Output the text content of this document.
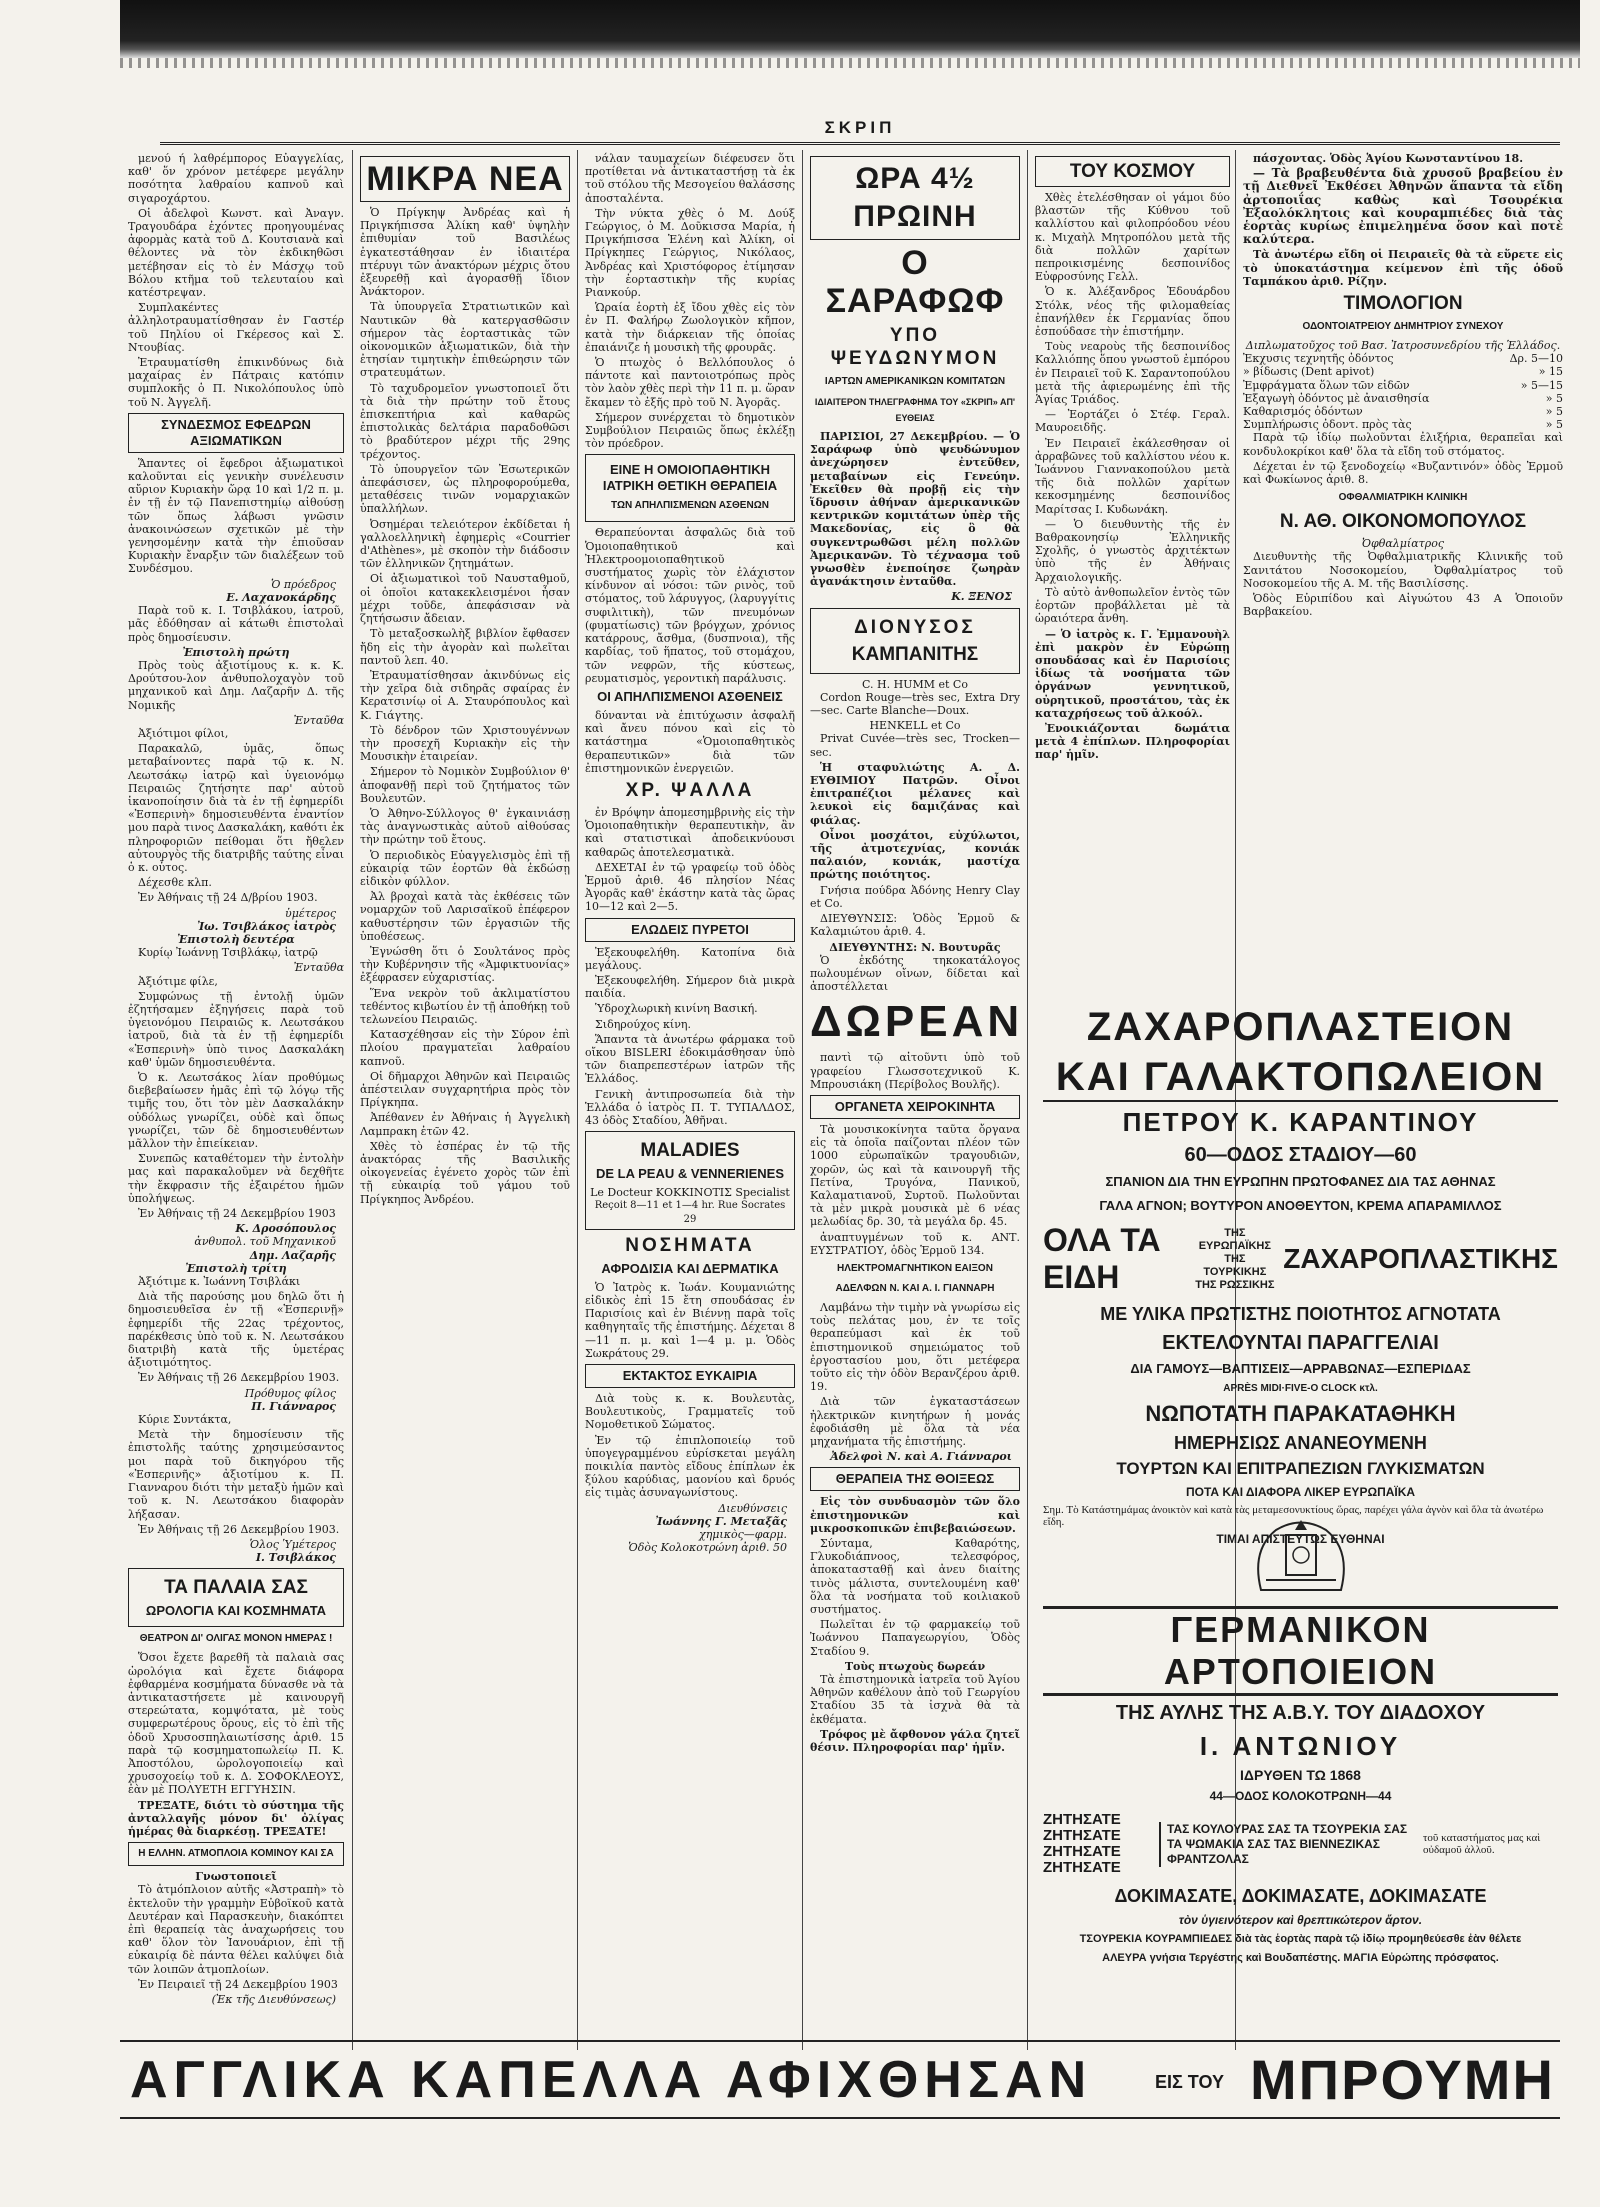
ΣΚΡΙΠ

μενού ή λαθρέμπορος Εὐαγγελίας, καθ' ὅν χρόνον μετέφερε μεγάλην ποσότητα λαθραίου καπνοῦ καὶ σιγαροχάρτου.

Οἱ ἀδελφοὶ Κωνστ. καὶ Ἀναγν. Τραγουδάρα ἐχόντες προηγουμένας ἀφορμὰς κατὰ τοῦ Δ. Κουτσιανὰ καὶ θέλοντες νὰ τὸν ἐκδικηθῶσι μετέβησαν εἰς τὸ ἐν Μάσχῳ τοῦ Βόλου κτῆμα τοῦ τελευταίου καὶ κατέστρεψαν.

Συμπλακέντες ἀλληλοτραυματίσθησαν ἐν Γαστέρ τοῦ Πηλίου οἱ Γκέρεσος καὶ Σ. Ντουβίας.

Ἐτραυματίσθη ἐπικινδύνως διὰ μαχαίρας ἐν Πάτραις κατόπιν συμπλοκῆς ὁ Π. Νικολόπουλος ὑπὸ τοῦ Ν. Ἀγγελῆ.

ΣΥΝΔΕΣΜΟΣ ΕΦΕΔΡΩΝ ΑΞΙΩΜΑΤΙΚΩΝ

Ἅπαντες οἱ ἔφεδροι ἀξιωματικοὶ καλοῦνται εἰς γενικὴν συνέλευσιν αὔριον Κυριακὴν ὥρᾳ 10 καὶ 1/2 π. μ. ἐν τῇ ἐν τῷ Πανεπιστημίῳ αἰθούσῃ τῶν ὅπως λάβωσι γνῶσιν ἀνακοινώσεων σχετικῶν μὲ τὴν γενησομένην κατὰ τὴν ἐπιοῦσαν Κυριακὴν ἔναρξιν τῶν διαλέξεων τοῦ Συνδέσμου.

Ὁ πρόεδρος
Ε. Λαχανοκάρδης

Παρὰ τοῦ κ. Ι. Τσιβλάκου, ἰατροῦ, μᾶς ἐδόθησαν αἱ κάτωθι ἐπιστολαὶ πρὸς δημοσίευσιν.

Ἐπιστολὴ πρώτη

Πρὸς τοὺς ἀξιοτίμους κ. κ. Κ. Δρούτσου-λον ἀνθυπολοχαγὸν τοῦ μηχανικοῦ καὶ Δημ. Λαζαρῆν Δ. τῆς Νομικῆς

Ἐνταῦθα

Ἀξιότιμοι φίλοι,

Παρακαλῶ, ὑμᾶς, ὅπως μεταβαίνοντες παρὰ τῷ κ. Ν. Λεωτσάκῳ ἰατρῷ καὶ ὑγειονόμῳ Πειραιῶς ζητήσητε παρ' αὐτοῦ ἱκανοποίησιν διὰ τὰ ἐν τῇ ἐφημερίδι «Ἑσπερινὴ» δημοσιευθέντα ἐναντίον μου παρὰ τινος Δασκαλάκη, καθότι ἐκ πληροφοριῶν πείθομαι ὅτι ἤθελεν αὐτουργὸς τῆς διατριβῆς ταύτης εἶναι ὁ κ. οὗτος.

Δέχεσθε κλπ.

Ἐν Ἀθήναις τῇ 24 Δ/βρίου 1903.

ὑμέτερος
Ἰω. Τσιβλάκος ἰατρὸς
Ἐπιστολὴ δευτέρα

Κυρίῳ Ἰωάννῃ Τσιβλάκῳ, ἰατρῷ

Ἐνταῦθα

Ἀξιότιμε φίλε,

Συμφώνως τῇ ἐντολῇ ὑμῶν ἐζητήσαμεν ἐξηγήσεις παρὰ τοῦ ὑγειονόμου Πειραιῶς κ. Λεωτσάκου ἰατροῦ, διὰ τὰ ἐν τῇ ἐφημερίδι «Ἑσπερινὴ» ὑπὸ τινος Δασκαλάκη καθ' ὑμῶν δημοσιευθέντα.

Ὁ κ. Λεωτσάκος λίαν προθύμως διεβεβαίωσεν ἡμᾶς ἐπὶ τῷ λόγῳ τῆς τιμῆς του, ὅτι τὸν μὲν Δασκαλάκην οὐδόλως γνωρίζει, οὐδὲ καὶ ὅπως γνωρίζει, τῶν δὲ δημοσιευθέντων μᾶλλον τὴν ἐπιείκειαν.

Συνεπῶς καταθέτομεν τὴν ἐντολὴν μας καὶ παρακαλοῦμεν νὰ δεχθῆτε τὴν ἔκφρασιν τῆς ἐξαιρέτου ἡμῶν ὑπολήψεως.

Ἐν Ἀθήναις τῇ 24 Δεκεμβρίου 1903

Κ. Δροσόπουλος
ἀνθυπολ. τοῦ Μηχανικοῦ
Δημ. Λαζαρῆς
Ἐπιστολὴ τρίτη

Ἀξιότιμε κ. Ἰωάννη Τσιβλάκι

Διὰ τῆς παρούσης μου δηλῶ ὅτι ἡ δημοσιευθεῖσα ἐν τῇ «Ἑσπερινῇ» ἐφημερίδι τῆς 22ας τρέχοντος, παρέκθεσις ὑπὸ τοῦ κ. Ν. Λεωτσάκου διατριβὴ κατὰ τῆς ὑμετέρας ἀξιοτιμότητος.

Ἐν Ἀθήναις τῇ 26 Δεκεμβρίου 1903.

Πρόθυμος φίλος
Π. Γιάνναρος

Κύριε Συντάκτα,

Μετὰ τὴν δημοσίευσιν τῆς ἐπιστολῆς ταύτης χρησιμεύσαντος μοι παρὰ τοῦ δικηγόρου τῆς «Ἑσπερινῆς» ἀξιοτίμου κ. Π. Γιανναρου διότι τὴν μεταξὺ ἡμῶν καὶ τοῦ κ. Ν. Λεωτσάκου διαφορὰν λήξασαν.

Ἐν Ἀθήναις τῇ 26 Δεκεμβρίου 1903.

Ὁλος Ὑμέτερος
Ι. Τσιβλάκος
ΤΑ ΠΑΛΑΙΑ ΣΑΣ
ΩΡΟΛΟΓΙΑ ΚΑΙ ΚΟΣΜΗΜΑΤΑ
ΘΕΑΤΡΟΝ ΔΙ' ΟΛΙΓΑΣ ΜΟΝΟΝ ΗΜΕΡΑΣ !

Ὅσοι ἔχετε βαρεθῆ τὰ παλαιὰ σας ὡρολόγια καὶ ἔχετε διάφορα ἐφθαρμένα κοσμήματα δύνασθε νὰ τὰ ἀντικαταστήσετε μὲ καινουργῆ στερεώτατα, κομψότατα, μὲ τοὺς συμφερωτέρους ὅρους, εἰς τὸ ἐπὶ τῆς ὁδοῦ Χρυσοσπηλαιωτίσσης ἀριθ. 15 παρὰ τῷ κοσμηματοπωλείῳ Π. Κ. Ἀποστόλου, ὡρολογοποιείῳ καὶ χρυσοχοείῳ τοῦ κ. Δ. ΣΟΦΟΚΛΕΟΥΣ, ἐὰν μὲ ΠΟΛΥΕΤΗ ΕΓΓΥΗΣΙΝ.

ΤΡΕΞΑΤΕ, διότι τὸ σύστημα τῆς ἀνταλλαγῆς μόνον δι' ὀλίγας ἡμέρας θὰ διαρκέσῃ. ΤΡΕΞΑΤΕ!

Η ΕΛΛΗΝ. ΑΤΜΟΠΛΟΙΑ ΚΟΜΙΝΟΥ ΚΑΙ ΣΑ
Γνωστοποιεῖ

Τὸ ἀτμόπλοιον αὐτῆς «Ἀστραπὴ» τὸ ἐκτελοῦν τὴν γραμμὴν Εὐβοϊκοῦ κατὰ Δευτέραν καὶ Παρασκευὴν, διακόπτει ἐπὶ θεραπείᾳ τὰς ἀναχωρήσεις του καθ' ὅλον τὸν Ἰανουάριον, ἐπὶ τῇ εὐκαιρίᾳ δὲ πάντα θέλει καλύψει διὰ τῶν λοιπῶν ἀτμοπλοίων.

Ἐν Πειραιεῖ τῇ 24 Δεκεμβρίου 1903

(Ἐκ τῆς Διευθύνσεως)
ΜΙΚΡΑ ΝΕΑ

Ὁ Πρίγκηψ Ἀνδρέας καὶ ἡ Πριγκήπισσα Ἀλίκη καθ' ὑψηλὴν ἐπιθυμίαν τοῦ Βασιλέως ἐγκατεστάθησαν ἐν ἰδιαιτέρα πτέρυγι τῶν ἀνακτόρων μέχρις ὅτου ἐξευρεθῇ καὶ ἀγορασθῇ ἴδιον Ἀνάκτορον.

Τὰ ὑπουργεῖα Στρατιωτικῶν καὶ Ναυτικῶν θὰ κατεργασθῶσιν σήμερον τὰς ἑορταστικὰς τῶν οἰκονομικῶν ἀξιωματικῶν, διὰ τὴν ἐτησίαν τιμητικὴν ἐπιθεώρησιν τῶν στρατευμάτων.

Τὸ ταχυδρομεῖον γνωστοποιεῖ ὅτι τὰ διὰ τὴν πρώτην τοῦ ἔτους ἐπισκεπτήρια καὶ καθαρῶς ἐπιστολικὰς δελτάρια παραδοθῶσι τὸ βραδύτερον μέχρι τῆς 29ης τρέχοντος.

Τὸ ὑπουργεῖον τῶν Ἐσωτερικῶν ἀπεφάσισεν, ὡς πληροφορούμεθα, μεταθέσεις τινῶν νομαρχιακῶν ὑπαλλήλων.

Ὀσημέραι τελειότερον ἐκδίδεται ἡ γαλλοελληνικὴ ἐφημερὶς «Courrier d'Athènes», μὲ σκοπὸν τὴν διάδοσιν τῶν ἑλληνικῶν ζητημάτων.

Οἱ ἀξιωματικοὶ τοῦ Ναυσταθμοῦ, οἱ ὁποῖοι κατακεκλεισμένοι ἦσαν μέχρι τοῦδε, ἀπεφάσισαν νὰ ζητήσωσιν ἄδειαν.

Τὸ μεταξοσκωλὴξ βιβλίον ἔφθασεν ἤδη εἰς τὴν ἀγορὰν καὶ πωλεῖται παντοῦ λεπ. 40.

Ἐτραυματίσθησαν ἀκινδύνως εἰς τὴν χεῖρα διὰ σιδηρᾶς σφαίρας ἐν Κερατσινίῳ οἱ Α. Σταυρόπουλος καὶ Κ. Γιάγτης.

Τὸ δένδρον τῶν Χριστουγέννων τὴν προσεχῆ Κυριακὴν εἰς τὴν Μουσικὴν ἑταιρείαν.

Σήμερον τὸ Νομικὸν Συμβούλιον θ' ἀποφανθῇ περὶ τοῦ ζητήματος τῶν Βουλευτῶν.

Ὁ Ἀθηνο-Σύλλογος θ' ἐγκαινιάσῃ τὰς ἀναγνωστικὰς αὐτοῦ αἰθούσας τὴν πρώτην τοῦ ἔτους.

Ὁ περιοδικὸς Εὐαγγελισμὸς ἐπὶ τῇ εὐκαιρίᾳ τῶν ἑορτῶν θὰ ἐκδώσῃ εἰδικὸν φύλλον.

Ἀλ βροχαὶ κατὰ τὰς ἐκθέσεις τῶν νομαρχῶν τοῦ Λαρισαϊκοῦ ἐπέφερον καθυστέρησιν τῶν ἐργασιῶν τῆς ὑποθέσεως.

Ἐγνώσθη ὅτι ὁ Σουλτάνος πρὸς τὴν Κυβέρνησιν τῆς «Ἀμφικτυονίας» ἐξέφρασεν εὐχαριστίας.

Ἕνα νεκρὸν τοῦ ἀκλιματίστου τεθέντος κιβωτίου ἐν τῇ ἀποθήκῃ τοῦ τελωνείου Πειραιῶς.

Κατασχέθησαν εἰς τὴν Σύρον ἐπὶ πλοίου πραγματεῖαι λαθραίου καπνοῦ.

Οἱ δῆμαρχοι Ἀθηνῶν καὶ Πειραιῶς ἀπέστειλαν συγχαρητήρια πρὸς τὸν Πρίγκηπα.

Ἀπέθανεν ἐν Ἀθήναις ἡ Ἀγγελικὴ Λαμπρακη ἐτῶν 42.

Χθὲς τὸ ἑσπέρας ἐν τῷ τῆς ἀνακτόρας τῆς Βασιλικῆς οἰκογενείας ἐγένετο χορὸς τῶν ἐπὶ τῇ εὐκαιρίᾳ τοῦ γάμου τοῦ Πρίγκηπος Ἀνδρέου.

νάλαν ταυμαχείων διέφευσεν ὅτι προτίθεται νὰ ἀντικαταστήσῃ τὰ ἐκ τοῦ στόλου τῆς Μεσογείου θαλάσσης ἀποσταλέντα.

Τὴν νύκτα χθὲς ὁ Μ. Δούξ Γεώργιος, ὁ Μ. Δοῦκισσα Μαρία, ἡ Πριγκήπισσα Ἑλένη καὶ Ἀλίκη, οἱ Πρίγκηπες Γεώργιος, Νικόλαος, Ἀνδρέας καὶ Χριστόφορος ἐτίμησαν τὴν ἑορταστικὴν τῆς κυρίας Ριανκούρ.

Ὡραία ἑορτὴ ἐξ ἴδου χθὲς εἰς τὸν ἐν Π. Φαλήρῳ Ζωολογικὸν κῆπον, κατὰ τὴν διάρκειαν τῆς ὁποίας ἐπαιάνιζε ἡ μουσικὴ τῆς φρουρᾶς.

Ὁ πτωχὸς ὁ Βελλόπουλος ὁ πάντοτε καὶ παντοιοτρόπως πρὸς τὸν λαὸν χθὲς περὶ τὴν 11 π. μ. ὥραν ἔκαμεν τὸ ἐξῆς πρὸ τοῦ Ν. Ἀγορᾶς.

Σήμερον συνέρχεται τὸ δημοτικὸν Συμβούλιον Πειραιῶς ὅπως ἐκλέξῃ τὸν πρόεδρον.

ΕΙΝΕ Η ΟΜΟΙΟΠΑΘΗΤΙΚΗ ΙΑΤΡΙΚΗ ΘΕΤΙΚΗ ΘΕΡΑΠΕΙΑ
ΤΩΝ ΑΠΗΛΠΙΣΜΕΝΩΝ ΑΣΘΕΝΩΝ

Θεραπεύονται ἀσφαλῶς διὰ τοῦ Ὁμοιοπαθητικοῦ καὶ Ἠλεκτροομοιοπαθητικοῦ συστήματος χωρὶς τὸν ἐλάχιστον κίνδυνον αἱ νόσοι: τῶν ρινὸς, τοῦ στόματος, τοῦ λάρυγγος, (λαρυγγίτις συφιλιτικὴ), τῶν πνευμόνων (φυματίωσις) τῶν βρόγχων, χρόνιος κατάρρους, ἄσθμα, (δυσπνοια), τῆς καρδίας, τοῦ ἥπατος, τοῦ στομάχου, τῶν νεφρῶν, τῆς κύστεως, ρευματισμὸς, γεροντικὴ παράλυσις.

ΟΙ ΑΠΗΛΠΙΣΜΕΝΟΙ ΑΣΘΕΝΕΙΣ

δύνανται νὰ ἐπιτύχωσιν ἀσφαλῆ καὶ ἄνευ πόνου καὶ εἰς τὸ κατάστημα «Ὁμοιοπαθητικὸς θεραπευτικῶν» διὰ τῶν ἐπιστημονικῶν ἐνεργειῶν.

ΧΡ. ΨΑΛΛΑ

ἐν Βρόψην ἀπομεσημβρινὴς εἰς τὴν Ὁμοιοπαθητικὴν θεραπευτικὴν, ἂν καὶ στατιστικαὶ ἀποδεικνύουσι καθαρῶς ἀποτελεσματικὰ.

ΔΕΧΕΤΑΙ ἐν τῷ γραφείῳ τοῦ ὁδὸς Ἑρμοῦ ἀριθ. 46 πλησίον Νέας Ἀγορᾶς καθ' ἑκάστην κατὰ τὰς ὥρας 10—12 καὶ 2—5.

ΕΛΩΔΕΙΣ ΠΥΡΕΤΟΙ

Ἐξεκουφελήθη. Κατοπίνα διὰ μεγάλους.

Ἐξεκουφελήθη. Σήμερον διὰ μικρὰ παιδία.

Ὑδροχλωρικὴ κινίνη Βασική.

Σιδηρούχος κίνη.

Ἅπαντα τὰ ἀνωτέρω φάρμακα τοῦ οἴκου BISLERI ἐδοκιμάσθησαν ὑπὸ τῶν διαπρεπεστέρων ἰατρῶν τῆς Ἑλλάδος.

Γενικὴ ἀντιπροσωπεία διὰ τὴν Ἑλλάδα ὁ ἰατρὸς Π. Τ. ΤΥΠΑΛΔΟΣ, 43 ὁδὸς Σταδίου, Ἀθῆναι.

MALADIES
DE LA PEAU & VENNERIENES
Le Docteur ΚΟΚΚΙΝΟΤΙΣ Specialist
Reçoit 8—11 et 1—4 hr. Rue Socrates 29
ΝΟΣΗΜΑΤΑ
ΑΦΡΟΔΙΣΙΑ ΚΑΙ ΔΕΡΜΑΤΙΚΑ

Ὁ Ἰατρὸς κ. Ἰωάν. Κουμανιώτης εἰδικὸς ἐπὶ 15 ἔτη σπουδάσας ἐν Παρισίοις καὶ ἐν Βιέννῃ παρὰ τοῖς καθηγηταῖς τῆς ἐπιστήμης. Δέχεται 8—11 π. μ. καὶ 1—4 μ. μ. Ὁδὸς Σωκράτους 29.

ΕΚΤΑΚΤΟΣ ΕΥΚΑΙΡΙΑ

Διὰ τοὺς κ. κ. Βουλευτὰς, Βουλευτικοὺς, Γραμματεῖς τοῦ Νομοθετικοῦ Σώματος.

Ἐν τῷ ἐπιπλοποιείῳ τοῦ ὑπογεγραμμένου εὑρίσκεται μεγάλη ποικιλία παντὸς εἴδους ἐπίπλων ἐκ ξύλου καρύδιας, μαονίου καὶ δρυός εἰς τιμὰς ἀσυναγωνίστους.

Διευθύνσεις
Ἰωάννης Γ. Μεταξᾶς
χημικὸς—φαρμ.
Ὁδὸς Κολοκοτρώνη ἀριθ. 50
ΩΡΑ 4½ ΠΡΩΙΝΗ
Ο ΣΑΡΑΦΩΦ
ΥΠΟ ΨΕΥΔΩΝΥΜΟΝ
ΙΑΡΤΩΝ ΑΜΕΡΙΚΑΝΙΚΩΝ ΚΟΜΙΤΑΤΩΝ
ΙΔΙΑΙΤΕΡΟΝ ΤΗΛΕΓΡΑΦΗΜΑ ΤΟΥ «ΣΚΡΙΠ» ΑΠ' ΕΥΘΕΙΑΣ

ΠΑΡΙΣΙΟΙ, 27 Δεκεμβρίου. — Ὁ Σαράφωφ ὑπὸ ψευδώνυμον ἀνεχώρησεν ἐντεῦθεν, μεταβαίνων εἰς Γενεύην. Ἐκεῖθεν θὰ προβῇ εἰς τὴν ἵδρυσιν ἀθήναν ἀμερικανικῶν κεντρικῶν κομιτάτων ὑπὲρ τῆς Μακεδονίας, εἰς ὃ θὰ συγκεντρωθῶσι μέλη πολλῶν Ἀμερικανῶν. Τὸ τέχνασμα τοῦ γνωσθὲν ἐνεποίησε ζωηρὰν ἀγανάκτησιν ἐνταῦθα.

Κ. ΞΕΝΟΣ
ΔΙΟΝΥΣΟΣ
ΚΑΜΠΑΝΙΤΗΣ
C. H. HUMM et Co

Cordon Rouge—très sec, Extra Dry—sec. Carte Blanche—Doux.

HENKELL et Co

Privat Cuvée—très sec, Trocken—sec.

Ἡ σταφυλιώτης Α. Δ. ΕΥΘΙΜΙΟΥ Πατρῶν. Οἶνοι ἐπιτραπέζιοι μέλανες καὶ λευκοὶ εἰς δαμιζάνας καὶ φιάλας.

Οἶνοι μοσχάτοι, εὐχύλωτοι, τῆς ἀτμοτεχνίας, κονιάκ παλαιόν, κονιάκ, μαστίχα πρώτης ποιότητος.

Γνήσια πούδρα Ἀδόνης Henry Clay et Co.

ΔΙΕΥΘΥΝΣΙΣ: Ὁδὸς Ἑρμοῦ & Καλαμιώτου ἀριθ. 4.

ΔΙΕΥΘΥΝΤΗΣ: Ν. Βουτυρᾶς

Ὁ ἐκδότης τηκοκατάλογος πωλουμένων οἴνων, δίδεται καὶ ἀποστέλλεται

ΔΩΡΕΑΝ

παντὶ τῷ αἰτοῦντι ὑπὸ τοῦ γραφείου Γλωσσοτεχνικοῦ Κ. Μπρουσιάκη (Περίβολος Βουλῆς).

ΟΡΓΑΝΕΤΑ ΧΕΙΡΟΚΙΝΗΤΑ

Τὰ μουσικοκίνητα ταῦτα ὄργανα εἰς τὰ ὁποῖα παίζονται πλέον τῶν 1000 εὐρωπαϊκῶν τραγουδιῶν, χορῶν, ὡς καὶ τὰ καινουργῆ τῆς Πετίνα, Τρυγόνα, Πανικοῦ, Καλαματιανοῦ, Συρτοῦ. Πωλοῦνται τὰ μὲν μικρὰ μουσικὰ μὲ 6 νέας μελωδίας δρ. 30, τὰ μεγάλα δρ. 45.

ἀναπτυγμένων τοῦ κ. ΑΝΤ. ΕΥΣΤΡΑΤΙΟΥ, ὁδὸς Ἑρμοῦ 134.

ΗΛΕΚΤΡΟΜΑΓΝΗΤΙΚΟΝ ΕΑΙΞΟΝ
ΑΔΕΛΦΩΝ Ν. ΚΑΙ Α. Ι. ΓΙΑΝΝΑΡΗ

Λαμβάνω τὴν τιμὴν νὰ γνωρίσω εἰς τοὺς πελάτας μου, ἐν τε τοῖς θεραπεύμασι καὶ ἐκ τοῦ ἐπιστημονικοῦ σημειώματος τοῦ ἐργοστασίου μου, ὅτι μετέφερα τοῦτο εἰς τὴν ὁδὸν Βερανζέρου ἀριθ. 19.

Διὰ τῶν ἐγκαταστάσεων ἠλεκτρικῶν κινητήρων ἡ μονάς ἐφοδιάσθη μὲ ὅλα τὰ νέα μηχανήματα τῆς ἐπιστήμης.

Ἀδελφοὶ Ν. καὶ Α. Γιάνναροι
ΘΕΡΑΠΕΙΑ ΤΗΣ ΘΟΙΞΕΩΣ

Εἰς τὸν συνδυασμὸν τῶν ὅλο ἐπιστημονικῶν καὶ μικροσκοπικῶν ἐπιβεβαιώσεων.

Σύνταμα, Καθαρότης, Γλυκοδιάπνοος, τελεσφόρος, ἀποκατασταθῇ καὶ ἀνευ διαίτης τινὸς μάλιστα, συντελουμένη καθ' ὅλα τὰ νοσήματα τοῦ κοιλιακοῦ συστήματος.

Πωλεῖται ἐν τῷ φαρμακείῳ τοῦ Ἰωάννου Παπαγεωργίου, Ὁδὸς Σταδίου 9.

Τοὺς πτωχοὺς δωρεάν

Τὰ ἐπιστημονικὰ ἰατρεῖα τοῦ Ἀγίου Ἀθηνῶν καθέλουν ἀπὸ τοῦ Γεωργίου Σταδίου 35 τὰ ἰσχνὰ θὰ τὰ ἐκθέματα.

Τρόφος μὲ ἄφθονον γάλα ζητεῖ θέσιν. Πληροφορίαι παρ' ἡμῖν.

ΤΟΥ ΚΟΣΜΟΥ

Χθὲς ἐτελέσθησαν οἱ γάμοι δύο βλαστῶν τῆς Κύθνου τοῦ καλλίστου καὶ φιλοπρόοδου νέου κ. Μιχαὴλ Μητροπόλου μετὰ τῆς διὰ πολλῶν χαρίτων πεπροικισμένης δεσποινίδος Εὐφροσύνης Γελλ.

Ὁ κ. Ἀλέξανδρος Ἑδουάρδου Στόλκ, νέος τῆς φιλομαθείας ἐπανήλθεν ἐκ Γερμανίας ὅπου ἐσπούδασε τὴν ἐπιστήμην.

Τοὺς νεαροὺς τῆς δεσποινίδος Καλλιόπης ὅπου γνωστοῦ ἐμπόρου ἐν Πειραιεῖ τοῦ Κ. Σαραντοπούλου μετὰ τῆς ἀφιερωμένης ἐπὶ τῆς Ἁγίας Τριάδος.

— Ἐορτάζει ὁ Στέφ. Γεραλ. Μαυροειδῆς.

Ἐν Πειραιεῖ ἐκάλεσθησαν οἱ ἀρραβῶνες τοῦ καλλίστου νέου κ. Ἰωάννου Γιαννακοπούλου μετὰ τῆς διὰ πολλῶν χαρίτων κεκοσμημένης δεσποινίδος Μαρίτσας Ι. Κυδωνάκη.

— Ὁ διευθυντὴς τῆς ἐν Βαθρακονησίῳ Ἐλληνικῆς Σχολῆς, ὁ γνωστὸς ἀρχιτέκτων ὑπὸ τῆς ἐν Ἀθήναις Ἀρχαιολογικῆς.

Τὸ αὐτὸ ἀνθοπωλεῖον ἐντὸς τῶν ἑορτῶν προβάλλεται μὲ τὰ ὡραιότερα ἄνθη.

— Ὁ ἰατρὸς κ. Γ. Ἐμμανουὴλ ἐπὶ μακρὸν ἐν Εὐρώπῃ σπουδάσας καὶ ἐν Παρισίοις ἰδίως τὰ νοσήματα τῶν ὀργάνων γεννητικοῦ, οὐρητικοῦ, προστάτου, τὰς ἐκ καταχρήσεως τοῦ ἀλκοόλ.

Ἐνοικιάζονται δωμάτια μετὰ 4 ἐπίπλων. Πληροφορίαι παρ' ἡμῖν.

πάσχοντας. Ὁδὸς Ἁγίου Κωνσταντίνου 18.

— Τὰ βραβευθέντα διὰ χρυσοῦ βραβείου ἐν τῇ Διεθνεῖ Ἐκθέσει Ἀθηνῶν ἅπαντα τὰ εἴδη ἀρτοποιΐας καθὼς καὶ Τσουρέκια Ἐξαολόκλητοις καὶ κουραμπιέδες διὰ τὰς ἑορτὰς κυρίως ἐπιμελημένα ὅσον καὶ ποτὲ καλύτερα.

Τὰ ἀνωτέρω εἴδη οἱ Πειραιεῖς θὰ τὰ εὕρετε εἰς τὸ ὑποκατάστημα κείμενον ἐπὶ τῆς ὁδοῦ Ταμπάκου ἀριθ. Ρίζην.

ΤΙΜΟΛΟΓΙΟΝ
ΟΔΟΝΤΟΙΑΤΡΕΙΟΥ ΔΗΜΗΤΡΙΟΥ ΣΥΝΕΧΟΥ
Διπλωματοῦχος τοῦ Βασ. Ἰατροσυνεδρίου τῆς Ἑλλάδος.
Ἐκχυσις τεχνητῆς ὀδόντος	Δρ. 5—10
» βίδωσις (Dent apivot)	» 15
Ἐμφράγματα ὅλων τῶν εἰδῶν	» 5—15
Ἐξαγωγὴ ὀδόντος μὲ ἀναισθησία	» 5
Καθαρισμός ὀδόντων	» 5
Συμπλήρωσις ὀδοντ. πρὸς τὰς	» 5

Παρὰ τῷ ἰδίῳ πωλοῦνται ἐλιξήρια, θεραπεῖαι καὶ κονδυλοκρίκοι καθ' ὅλα τὰ εἴδη τοῦ στόματος.

Δέχεται ἐν τῷ ξενοδοχείῳ «Βυζαντινόν» ὁδὸς Ἑρμοῦ καὶ Φωκίωνος ἀριθ. 8.

ΟΦΘΑΛΜΙΑΤΡΙΚΗ ΚΛΙΝΙΚΗ
Ν. ΑΘ. ΟΙΚΟΝΟΜΟΠΟΥΛΟΣ
Ὀφθαλμίατρος

Διευθυντὴς τῆς Ὀφθαλμιατρικῆς Κλινικῆς τοῦ Σανιτάτου Νοσοκομείου, Ὀφθαλμίατρος τοῦ Νοσοκομείου τῆς Α. Μ. τῆς Βασιλίσσης.

Ὁδὸς Εὐριπίδου καὶ Αἰγυώτου 43 Α Ὁποιοῦν Βαρβακείου.

ΖΑΧΑΡΟΠΛΑΣΤΕΙΟΝ
ΚΑΙ ΓΑΛΑΚΤΟΠΩΛΕΙΟΝ
ΠΕΤΡΟΥ Κ. ΚΑΡΑΝΤΙΝΟΥ
60—ΟΔΟΣ ΣΤΑΔΙΟΥ—60
ΣΠΑΝΙΟΝ ΔΙΑ ΤΗΝ ΕΥΡΩΠΗΝ ΠΡΩΤΟΦΑΝΕΣ ΔΙΑ ΤΑΣ ΑΘΗΝΑΣ
ΓΑΛΑ ΑΓΝΟΝ; ΒΟΥΤΥΡΟΝ ΑΝΟΘΕΥΤΟΝ, ΚΡΕΜΑ ΑΠΑΡΑΜΙΛΛΟΣ
ΟΛΑ ΤΑ ΕΙΔΗ
ΤΗΣ ΕΥΡΩΠΑΪΚΗΣ ΤΗΣ ΤΟΥΡΚΙΚΗΣ ΤΗΣ ΡΩΣΣΙΚΗΣ
ΖΑΧΑΡΟΠΛΑΣΤΙΚΗΣ
ΜΕ ΥΛΙΚΑ ΠΡΩΤΙΣΤΗΣ ΠΟΙΟΤΗΤΟΣ ΑΓΝΟΤΑΤΑ
ΕΚΤΕΛΟΥΝΤΑΙ ΠΑΡΑΓΓΕΛΙΑΙ
ΔΙΑ ΓΑΜΟΥΣ—ΒΑΠΤΙΣΕΙΣ—ΑΡΡΑΒΩΝΑΣ—ΕΣΠΕΡΙΔΑΣ
APRÈS MIDI·FIVE-O CLOCK κτλ.
ΝΩΠΟΤΑΤΗ ΠΑΡΑΚΑΤΑΘΗΚΗ
ΗΜΕΡΗΣΙΩΣ ΑΝΑΝΕΟΥΜΕΝΗ
ΤΟΥΡΤΩΝ ΚΑΙ ΕΠΙΤΡΑΠΕΖΙΩΝ ΓΛΥΚΙΣΜΑΤΩΝ
ΠΟΤΑ ΚΑΙ ΔΙΑΦΟΡΑ ΛΙΚΕΡ ΕΥΡΩΠΑΪΚΑ

Σημ. Τὸ Κατάστημάμας ἀνοικτὸν καὶ κατὰ τὰς μεταμεσονυκτίους ὥρας, παρέχει γάλα ἀγνὸν καὶ ὅλα τὰ ἀνωτέρω εἴδη.

ΤΙΜΑΙ ΑΠΙΣΤΕΥΤΩΣ ΕΥΘΗΝΑΙ
ΓΕΡΜΑΝΙΚΟΝ ΑΡΤΟΠΟΙΕΙΟΝ
ΤΗΣ ΑΥΛΗΣ ΤΗΣ Α.Β.Υ. ΤΟΥ ΔΙΑΔΟΧΟΥ
Ι. ΑΝΤΩΝΙΟΥ
ΙΔΡΥΘΕΝ ΤΩ 1868
44—ΟΔΟΣ ΚΟΛΟΚΟΤΡΩΝΗ—44
ΖΗΤΗΣΑΤΕ ΖΗΤΗΣΑΤΕ ΖΗΤΗΣΑΤΕ ΖΗΤΗΣΑΤΕ
ΤΑΣ ΚΟΥΛΟΥΡΑΣ ΣΑΣ ΤΑ ΤΣΟΥΡΕΚΙΑ ΣΑΣ ΤΑ ΨΩΜΑΚΙΑ ΣΑΣ ΤΑΣ ΒΙΕΝΝΕΖΙΚΑΣ ΦΡΑΝΤΖΟΛΑΣ
τοῦ καταστήματος μας καὶ οὐδαμοῦ ἀλλοῦ.
ΔΟΚΙΜΑΣΑΤΕ, ΔΟΚΙΜΑΣΑΤΕ, ΔΟΚΙΜΑΣΑΤΕ
τὸν ὑγιεινότερον καὶ θρεπτικώτερον ἄρτον.
ΤΣΟΥΡΕΚΙΑ ΚΟΥΡΑΜΠΙΕΔΕΣ διὰ τὰς ἑορτὰς παρὰ τῷ ἰδίῳ προμηθεύεσθε ἐὰν θέλετε
ΑΛΕΥΡΑ γνήσια Τεργέστης καὶ Βουδαπέστης. ΜΑΓΙΑ Εὐρώπης πρόσφατος.
ΑΓΓΛΙΚΑ ΚΑΠΕΛΛΑ ΑΦΙΧΘΗΣΑΝ	ΕΙΣ ΤΟΥ ΜΠΡΟΥΜΗ
